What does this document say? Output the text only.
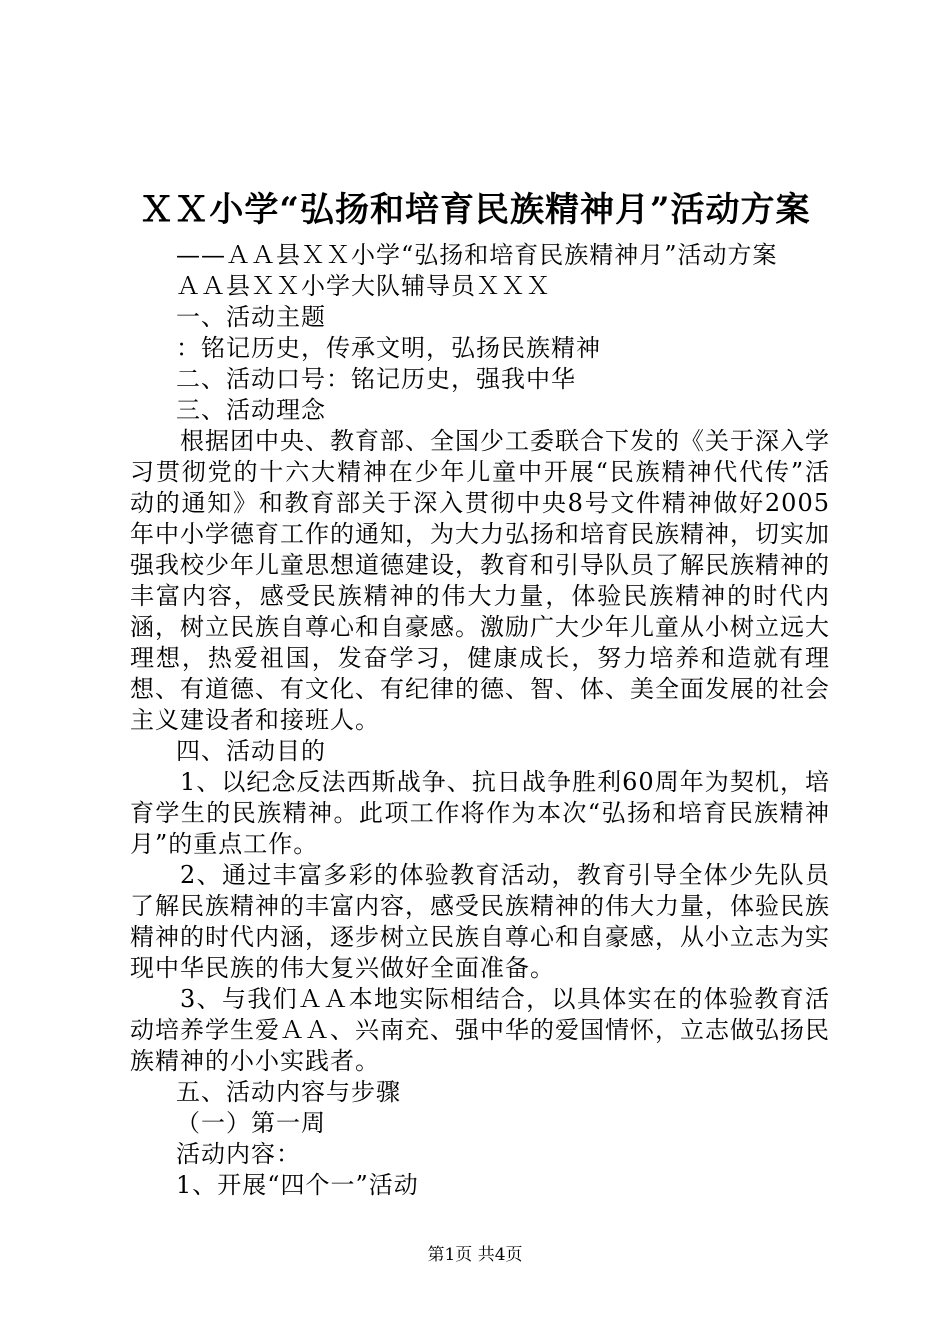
ＸＸ小学“弘扬和培育民族精神月”活动方案

——ＡＡ县ＸＸ小学“弘扬和培育民族精神月”活动方案

ＡＡ县ＸＸ小学大队辅导员ＸＸＸ

一、活动主题

：铭记历史，传承文明，弘扬民族精神

二、活动口号：铭记历史，强我中华

三、活动理念

根据团中央、教育部、全国少工委联合下发的《关于深入学习贯彻党的十六大精神在少年儿童中开展“民族精神代代传”活动的通知》和教育部关于深入贯彻中央8号文件精神做好2005年中小学德育工作的通知，为大力弘扬和培育民族精神，切实加强我校少年儿童思想道德建设，教育和引导队员了解民族精神的丰富内容，感受民族精神的伟大力量，体验民族精神的时代内涵，树立民族自尊心和自豪感。激励广大少年儿童从小树立远大理想，热爱祖国，发奋学习，健康成长，努力培养和造就有理想、有道德、有文化、有纪律的德、智、体、美全面发展的社会主义建设者和接班人。

四、活动目的

1、以纪念反法西斯战争、抗日战争胜利60周年为契机，培育学生的民族精神。此项工作将作为本次“弘扬和培育民族精神月”的重点工作。

2、通过丰富多彩的体验教育活动，教育引导全体少先队员了解民族精神的丰富内容，感受民族精神的伟大力量，体验民族精神的时代内涵，逐步树立民族自尊心和自豪感，从小立志为实现中华民族的伟大复兴做好全面准备。

3、与我们ＡＡ本地实际相结合，以具体实在的体验教育活动培养学生爱ＡＡ、兴南充、强中华的爱国情怀，立志做弘扬民族精神的小小实践者。

五、活动内容与步骤

（一）第一周

活动内容：

1、开展“四个一”活动

第1页 共4页
